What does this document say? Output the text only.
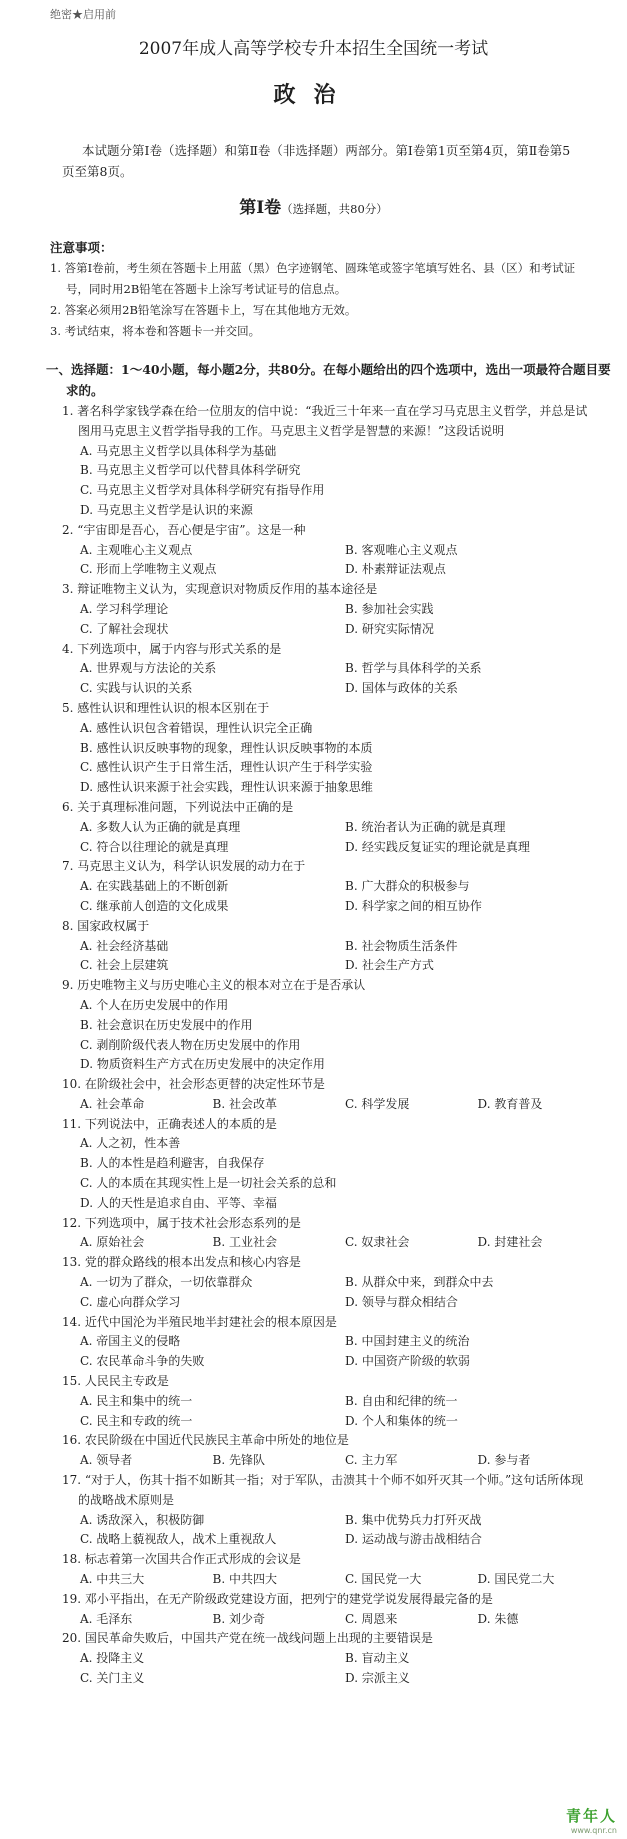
绝密★启用前
2007年成人高等学校专升本招生全国统一考试
政治
本试题分第Ⅰ卷（选择题）和第Ⅱ卷（非选择题）两部分。第Ⅰ卷第1页至第4页，第Ⅱ卷第5页至第8页。
第Ⅰ卷（选择题，共80分）
注意事项：
1. 答第Ⅰ卷前，考生须在答题卡上用蓝（黑）色字迹钢笔、圆珠笔或签字笔填写姓名、县（区）和考试证号，同时用2B铅笔在答题卡上涂写考试证号的信息点。
2. 答案必须用2B铅笔涂写在答题卡上，写在其他地方无效。
3. 考试结束，将本卷和答题卡一并交回。
一、选择题：1～40小题，每小题2分，共80分。在每小题给出的四个选项中，选出一项最符合题目要求的。
1. 著名科学家钱学森在给一位朋友的信中说：“我近三十年来一直在学习马克思主义哲学，并总是试图用马克思主义哲学指导我的工作。马克思主义哲学是智慧的来源！”这段话说明
A. 马克思主义哲学以具体科学为基础
B. 马克思主义哲学可以代替具体科学研究
C. 马克思主义哲学对具体科学研究有指导作用
D. 马克思主义哲学是认识的来源
2. “宇宙即是吾心，吾心便是宇宙”。这是一种
A. 主观唯心主义观点	B. 客观唯心主义观点
C. 形而上学唯物主义观点	D. 朴素辩证法观点
3. 辩证唯物主义认为，实现意识对物质反作用的基本途径是
A. 学习科学理论	B. 参加社会实践
C. 了解社会现状	D. 研究实际情况
4. 下列选项中，属于内容与形式关系的是
A. 世界观与方法论的关系	B. 哲学与具体科学的关系
C. 实践与认识的关系	D. 国体与政体的关系
5. 感性认识和理性认识的根本区别在于
A. 感性认识包含着错误，理性认识完全正确
B. 感性认识反映事物的现象，理性认识反映事物的本质
C. 感性认识产生于日常生活，理性认识产生于科学实验
D. 感性认识来源于社会实践，理性认识来源于抽象思维
6. 关于真理标准问题，下列说法中正确的是
A. 多数人认为正确的就是真理	B. 统治者认为正确的就是真理
C. 符合以往理论的就是真理	D. 经实践反复证实的理论就是真理
7. 马克思主义认为，科学认识发展的动力在于
A. 在实践基础上的不断创新	B. 广大群众的积极参与
C. 继承前人创造的文化成果	D. 科学家之间的相互协作
8. 国家政权属于
A. 社会经济基础	B. 社会物质生活条件
C. 社会上层建筑	D. 社会生产方式
9. 历史唯物主义与历史唯心主义的根本对立在于是否承认
A. 个人在历史发展中的作用
B. 社会意识在历史发展中的作用
C. 剥削阶级代表人物在历史发展中的作用
D. 物质资料生产方式在历史发展中的决定作用
10. 在阶级社会中，社会形态更替的决定性环节是
A. 社会革命	B. 社会改革	C. 科学发展	D. 教育普及
11. 下列说法中，正确表述人的本质的是
A. 人之初，性本善
B. 人的本性是趋利避害，自我保存
C. 人的本质在其现实性上是一切社会关系的总和
D. 人的天性是追求自由、平等、幸福
12. 下列选项中，属于技术社会形态系列的是
A. 原始社会	B. 工业社会	C. 奴隶社会	D. 封建社会
13. 党的群众路线的根本出发点和核心内容是
A. 一切为了群众，一切依靠群众	B. 从群众中来，到群众中去
C. 虚心向群众学习	D. 领导与群众相结合
14. 近代中国沦为半殖民地半封建社会的根本原因是
A. 帝国主义的侵略	B. 中国封建主义的统治
C. 农民革命斗争的失败	D. 中国资产阶级的软弱
15. 人民民主专政是
A. 民主和集中的统一	B. 自由和纪律的统一
C. 民主和专政的统一	D. 个人和集体的统一
16. 农民阶级在中国近代民族民主革命中所处的地位是
A. 领导者	B. 先锋队	C. 主力军	D. 参与者
17. “对于人，伤其十指不如断其一指；对于军队，击溃其十个师不如歼灭其一个师。”这句话所体现的战略战术原则是
A. 诱敌深入，积极防御	B. 集中优势兵力打歼灭战
C. 战略上藐视敌人，战术上重视敌人	D. 运动战与游击战相结合
18. 标志着第一次国共合作正式形成的会议是
A. 中共三大	B. 中共四大	C. 国民党一大	D. 国民党二大
19. 邓小平指出，在无产阶级政党建设方面，把列宁的建党学说发展得最完备的是
A. 毛泽东	B. 刘少奇	C. 周恩来	D. 朱德
20. 国民革命失败后，中国共产党在统一战线问题上出现的主要错误是
A. 投降主义	B. 盲动主义
C. 关门主义	D. 宗派主义
青年人
www.qnr.cn
